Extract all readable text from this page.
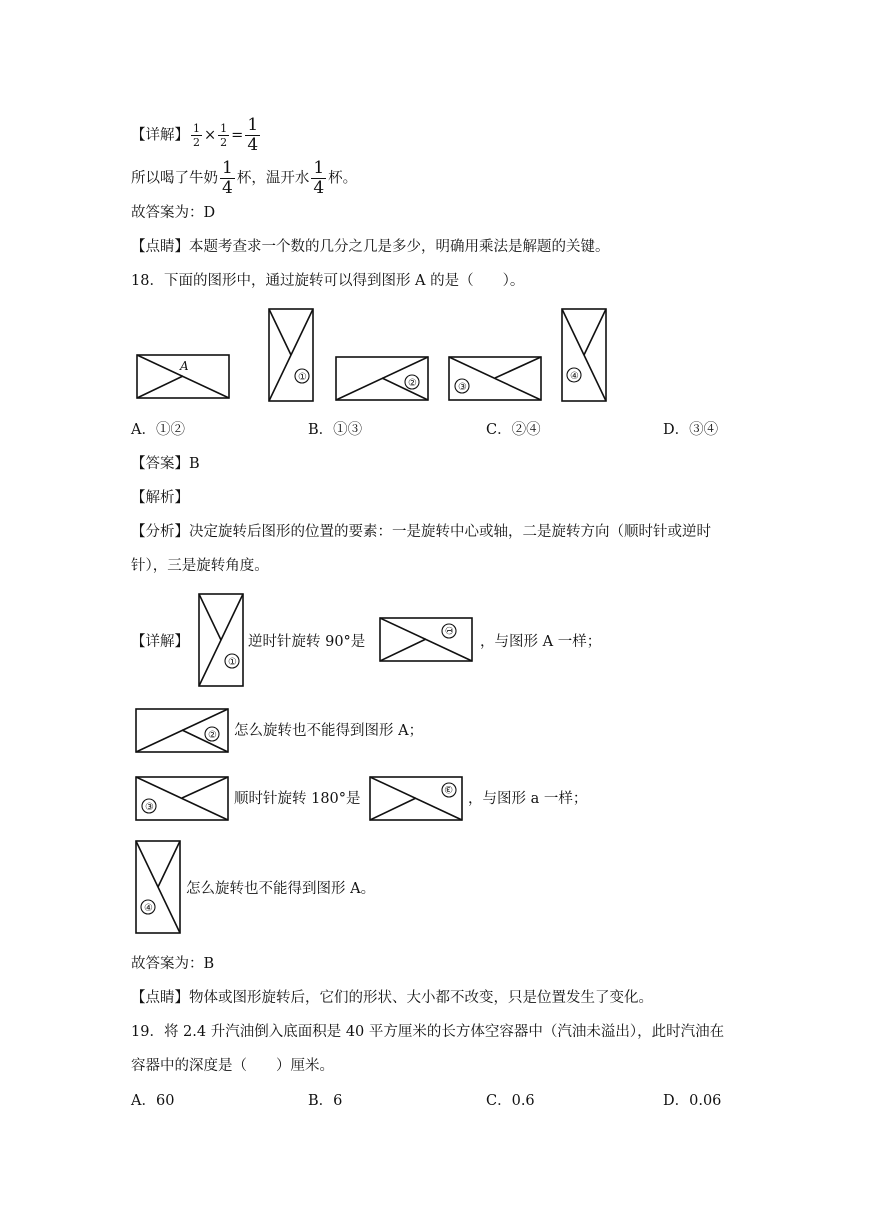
【详解】 $\frac{1}{2} \times \frac{1}{2} = \frac{1}{4}$
所以喝了牛奶 $\frac{1}{4}$ 杯，温开水 $\frac{1}{4}$ 杯。
故答案为：D
【点睛】本题考查求一个数的几分之几是多少，明确用乘法是解题的关键。
18．下面的图形中，通过旋转可以得到图形 A 的是（　　）。
A
①
②	③
④
A．①②	B．①③	C．②④	D．③④
【答案】B
【解析】
【分析】决定旋转后图形的位置的要素：一是旋转中心或轴，二是旋转方向（顺时针或逆时
针），三是旋转角度。
【详解】
①
逆时针旋转 90°是
①
，与图形 A 一样；
② 怎么旋转也不能得到图形 A；
③
顺时针旋转 180°是
③
，与图形 a 一样；
④
怎么旋转也不能得到图形 A。
故答案为：B
【点睛】物体或图形旋转后，它们的形状、大小都不改变，只是位置发生了变化。
19．将 2.4 升汽油倒入底面积是 40 平方厘米的长方体空容器中（汽油未溢出），此时汽油在
容器中的深度是（　　）厘米。
A．60	B．6	C．0.6	D．0.06
